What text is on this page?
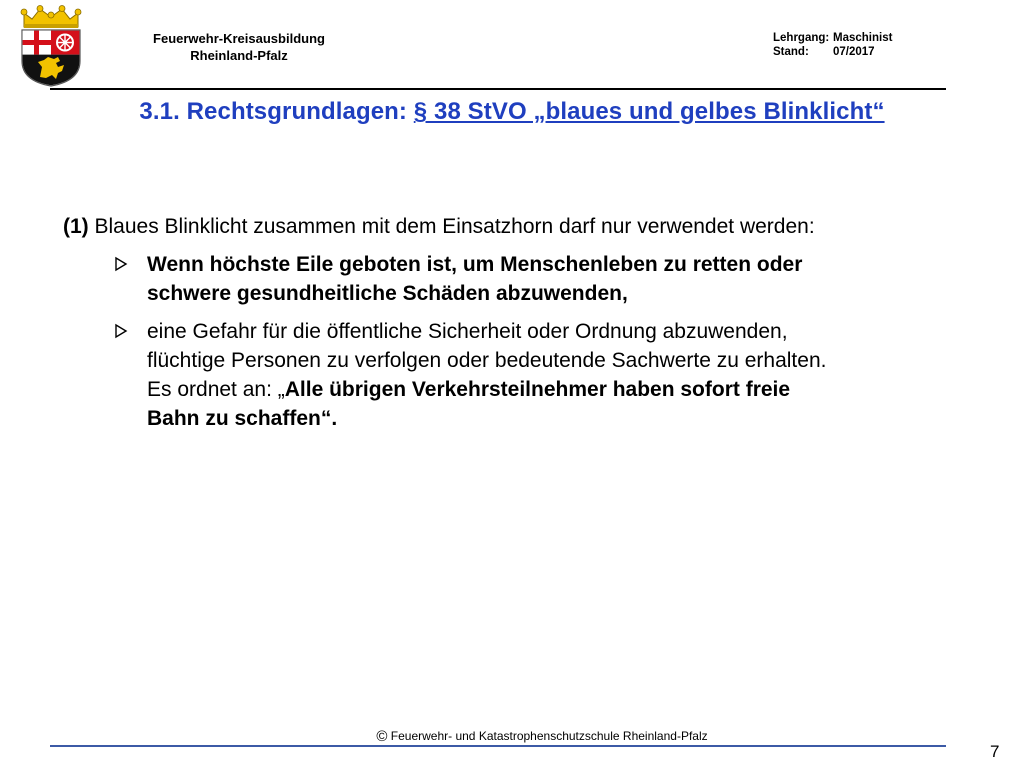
Feuerwehr-Kreisausbildung
Rheinland-Pfalz
Lehrgang: Maschinist
Stand:	07/2017
3.1. Rechtsgrundlagen: § 38 StVO „blaues und gelbes Blinklicht“

(1) Blaues Blinklicht zusammen mit dem Einsatzhorn darf nur verwendet werden:

Wenn höchste Eile geboten ist, um Menschenleben zu retten oder
schwere gesundheitliche Schäden abzuwenden,
eine Gefahr für die öffentliche Sicherheit oder Ordnung abzuwenden,
flüchtige Personen zu verfolgen oder bedeutende Sachwerte zu erhalten.
Es ordnet an: „Alle übrigen Verkehrsteilnehmer haben sofort freie
Bahn zu schaffen“.
© Feuerwehr- und Katastrophenschutzschule Rheinland-Pfalz
7
